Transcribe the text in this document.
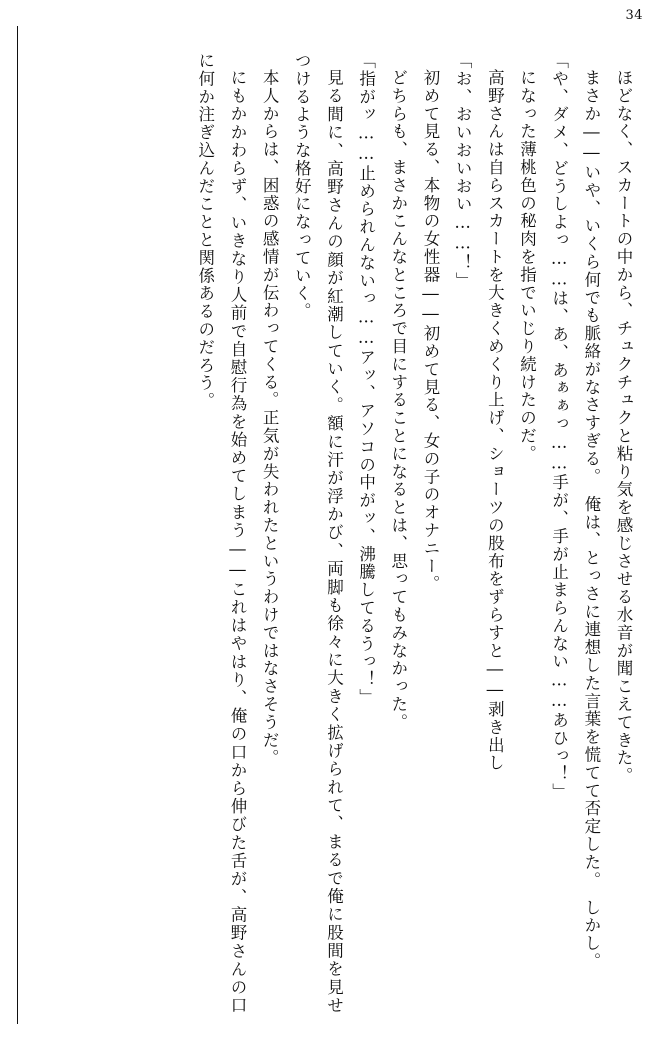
34

ほどなく、スカートの中から、チュクチュクと粘り気を感じさせる水音が聞こえてきた。

まさか――いや、いくら何でも脈絡がなさすぎる。　俺は、とっさに連想した言葉を慌てて否定した。　しかし。

「や、ダメ、どうしよっ……は、あ、あぁぁっ……手が、手が止まらんない……あひっ！」

になった薄桃色の秘肉を指でいじり続けたのだ。

高野さんは自らスカートを大きくめくり上げ、ショーツの股布をずらすと――剥き出し

「お、おいおいおい……！」

初めて見る、本物の女性器――初めて見る、女の子のオナニー。

どちらも、まさかこんなところで目にすることになるとは、思ってもみなかった。

「指がッ……止められんないっ……アッ、アソコの中がッ、沸騰してるうっ！」

見る間に、高野さんの顔が紅潮していく。額に汗が浮かび、両脚も徐々に大きく拡げられて、まるで俺に股間を見せつけるような格好になっていく。

本人からは、困惑の感情が伝わってくる。正気が失われたというわけではなさそうだ。

にもかかわらず、いきなり人前で自慰行為を始めてしまう――これはやはり、俺の口から伸びた舌が、高野さんの口に何か注ぎ込んだことと関係あるのだろう。
